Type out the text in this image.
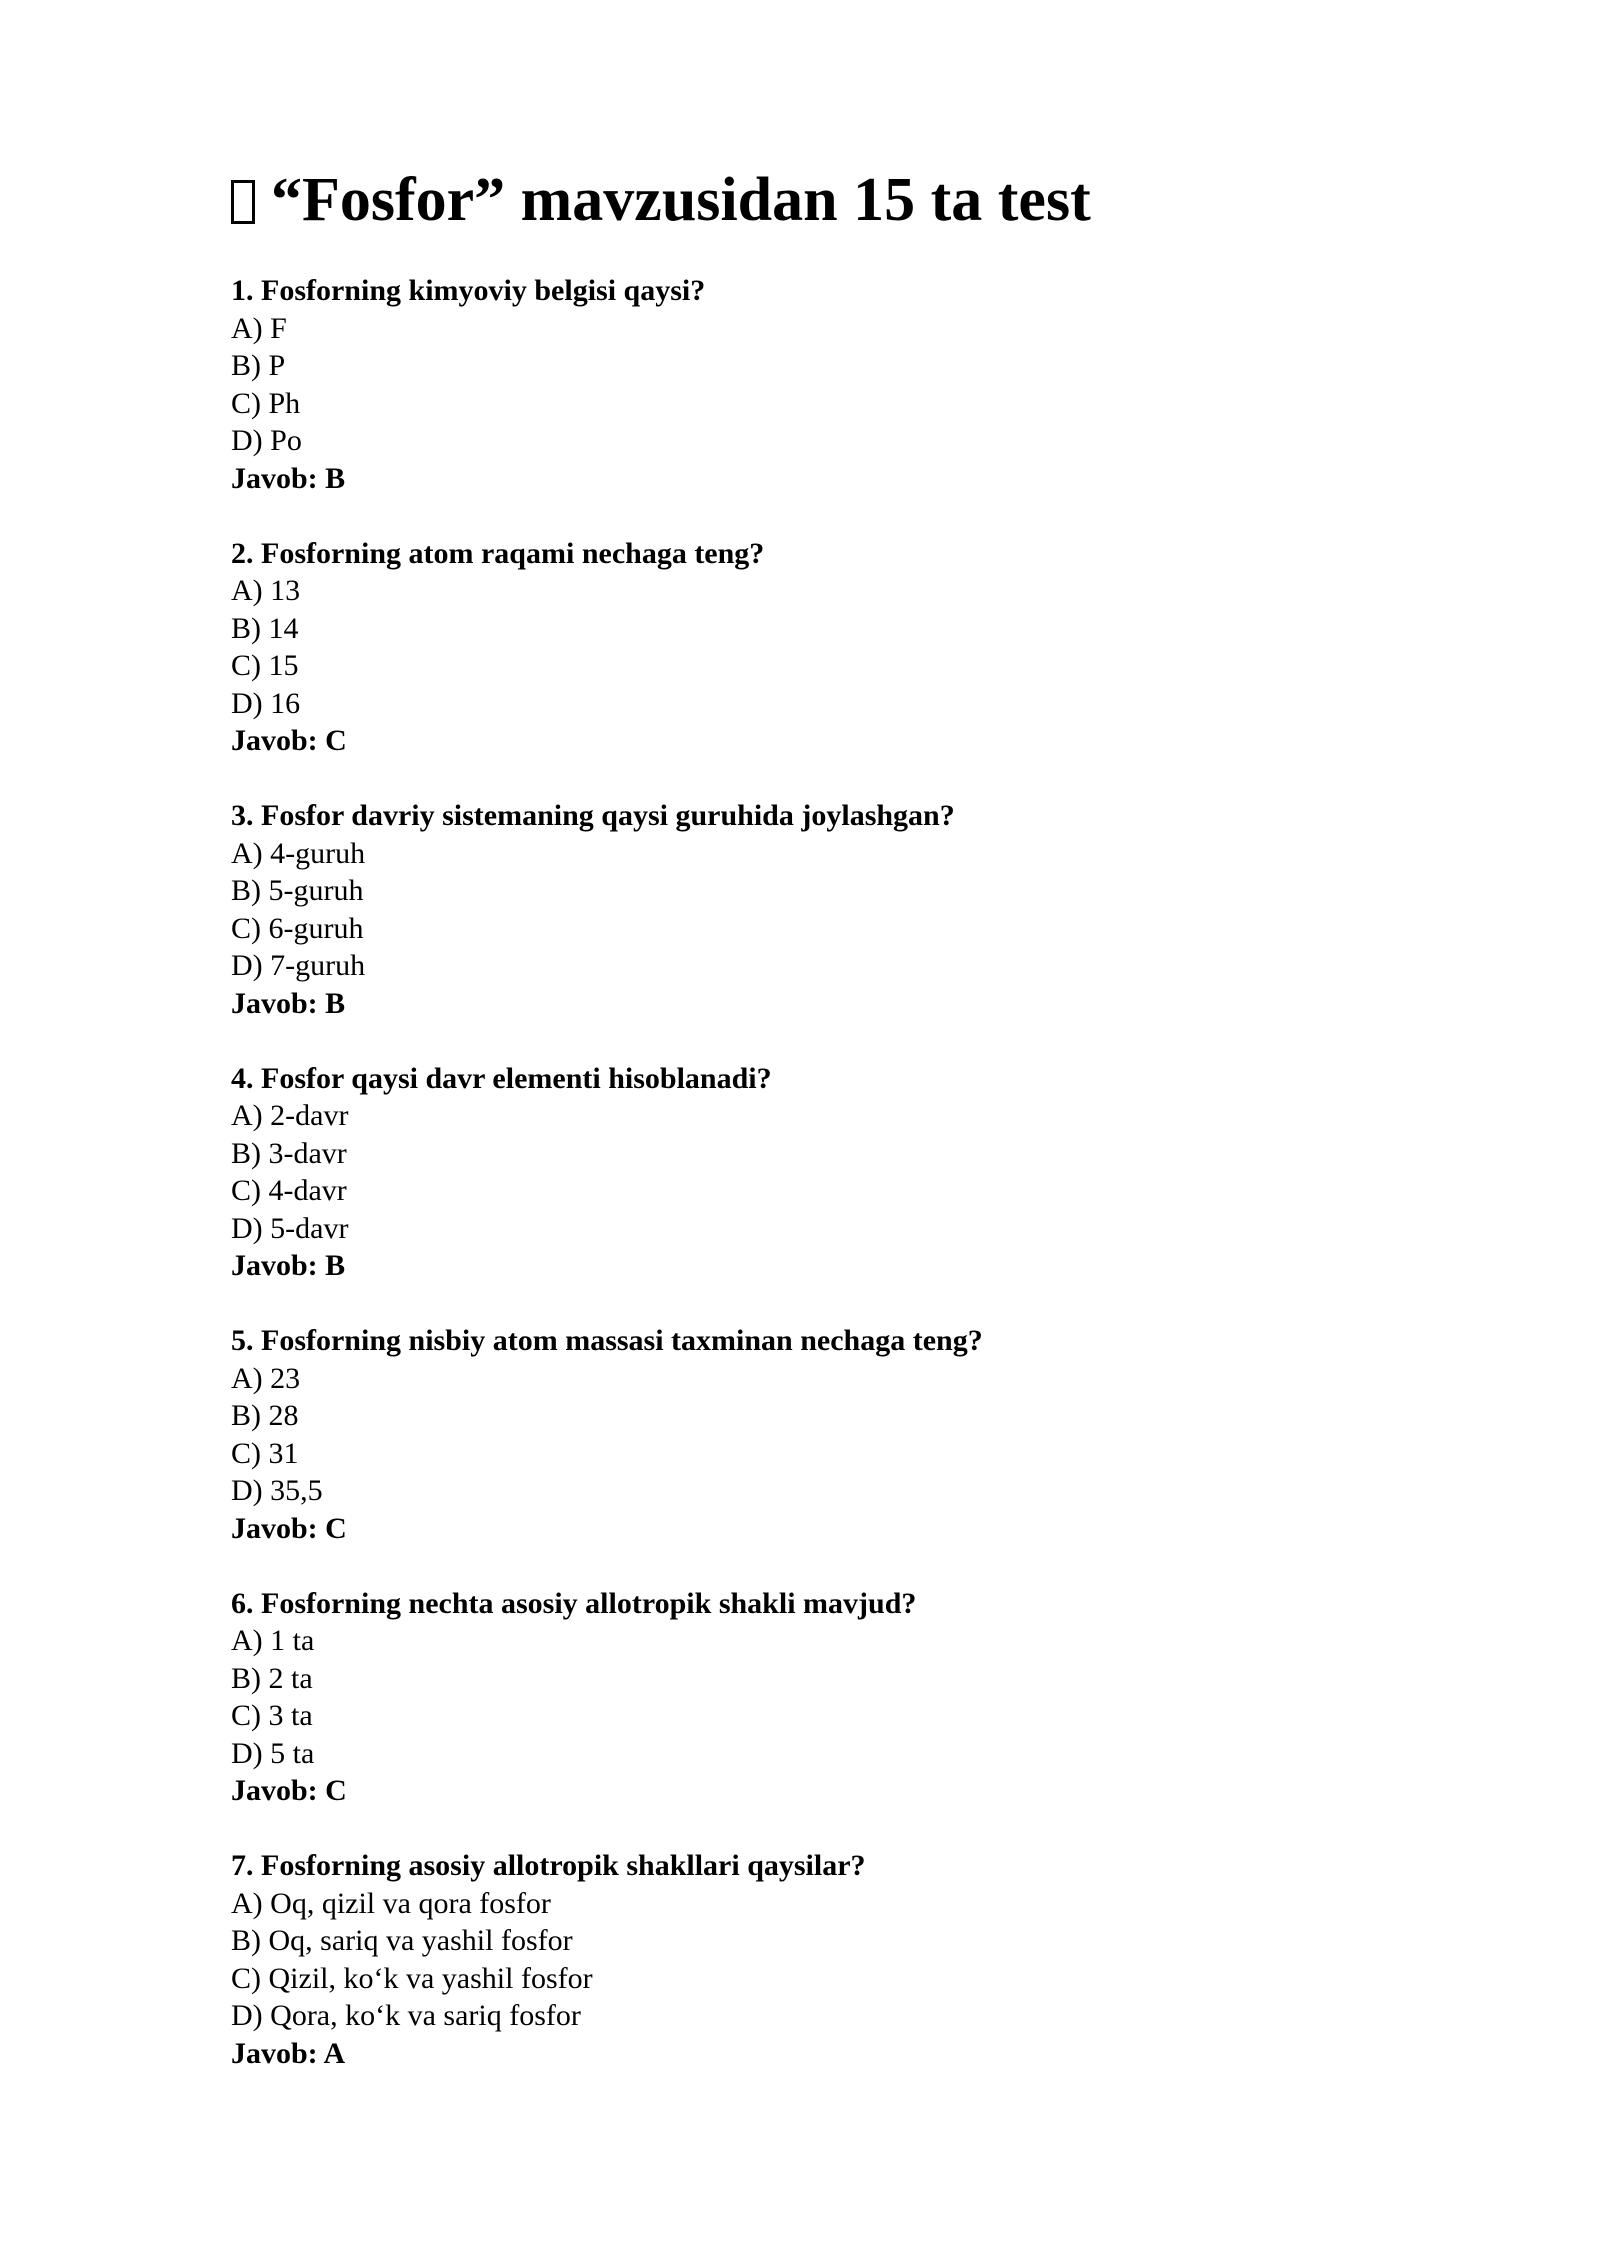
“Fosfor” mavzusidan 15 ta test
1. Fosforning kimyoviy belgisi qaysi?
A) F
B) P
C) Ph
D) Po
Javob: B
2. Fosforning atom raqami nechaga teng?
A) 13
B) 14
C) 15
D) 16
Javob: C
3. Fosfor davriy sistemaning qaysi guruhida joylashgan?
A) 4-guruh
B) 5-guruh
C) 6-guruh
D) 7-guruh
Javob: B
4. Fosfor qaysi davr elementi hisoblanadi?
A) 2-davr
B) 3-davr
C) 4-davr
D) 5-davr
Javob: B
5. Fosforning nisbiy atom massasi taxminan nechaga teng?
A) 23
B) 28
C) 31
D) 35,5
Javob: C
6. Fosforning nechta asosiy allotropik shakli mavjud?
A) 1 ta
B) 2 ta
C) 3 ta
D) 5 ta
Javob: C
7. Fosforning asosiy allotropik shakllari qaysilar?
A) Oq, qizil va qora fosfor
B) Oq, sariq va yashil fosfor
C) Qizil, ko‘k va yashil fosfor
D) Qora, ko‘k va sariq fosfor
Javob: A
